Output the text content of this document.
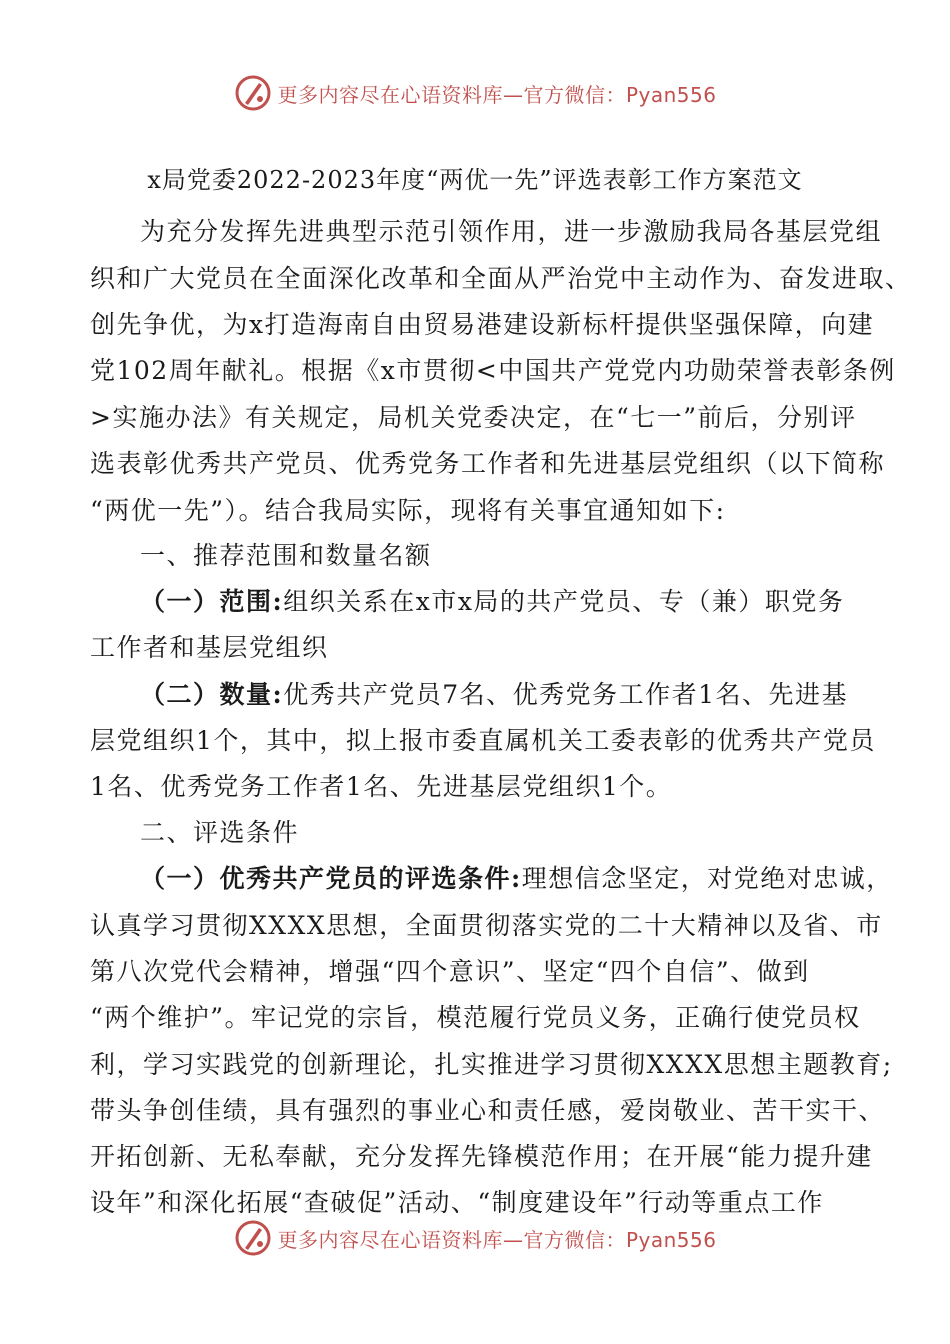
更多内容尽在心语资料库—官方微信：Pyan556
x局党委2022-2023年度“两优一先”评选表彰工作方案范文
为充分发挥先进典型示范引领作用，进一步激励我局各基层党组
织和广大党员在全面深化改革和全面从严治党中主动作为、奋发进取、
创先争优，为x打造海南自由贸易港建设新标杆提供坚强保障，向建
党102周年献礼。根据《x市贯彻<中国共产党党内功勋荣誉表彰条例
>实施办法》有关规定，局机关党委决定，在“七一”前后，分别评
选表彰优秀共产党员、优秀党务工作者和先进基层党组织（以下简称
“两优一先”）。结合我局实际，现将有关事宜通知如下:
一、推荐范围和数量名额
（一）范围:组织关系在x市x局的共产党员、专（兼）职党务
工作者和基层党组织
（二）数量:优秀共产党员7名、优秀党务工作者1名、先进基
层党组织1个，其中，拟上报市委直属机关工委表彰的优秀共产党员
1名、优秀党务工作者1名、先进基层党组织1个。
二、评选条件
（一）优秀共产党员的评选条件:理想信念坚定，对党绝对忠诚，
认真学习贯彻XXXX思想，全面贯彻落实党的二十大精神以及省、市
第八次党代会精神，增强“四个意识”、坚定“四个自信”、做到
“两个维护”。牢记党的宗旨，模范履行党员义务，正确行使党员权
利，学习实践党的创新理论，扎实推进学习贯彻XXXX思想主题教育;
带头争创佳绩，具有强烈的事业心和责任感，爱岗敬业、苦干实干、
开拓创新、无私奉献，充分发挥先锋模范作用；在开展“能力提升建
设年”和深化拓展“查破促”活动、“制度建设年”行动等重点工作
更多内容尽在心语资料库—官方微信：Pyan556
